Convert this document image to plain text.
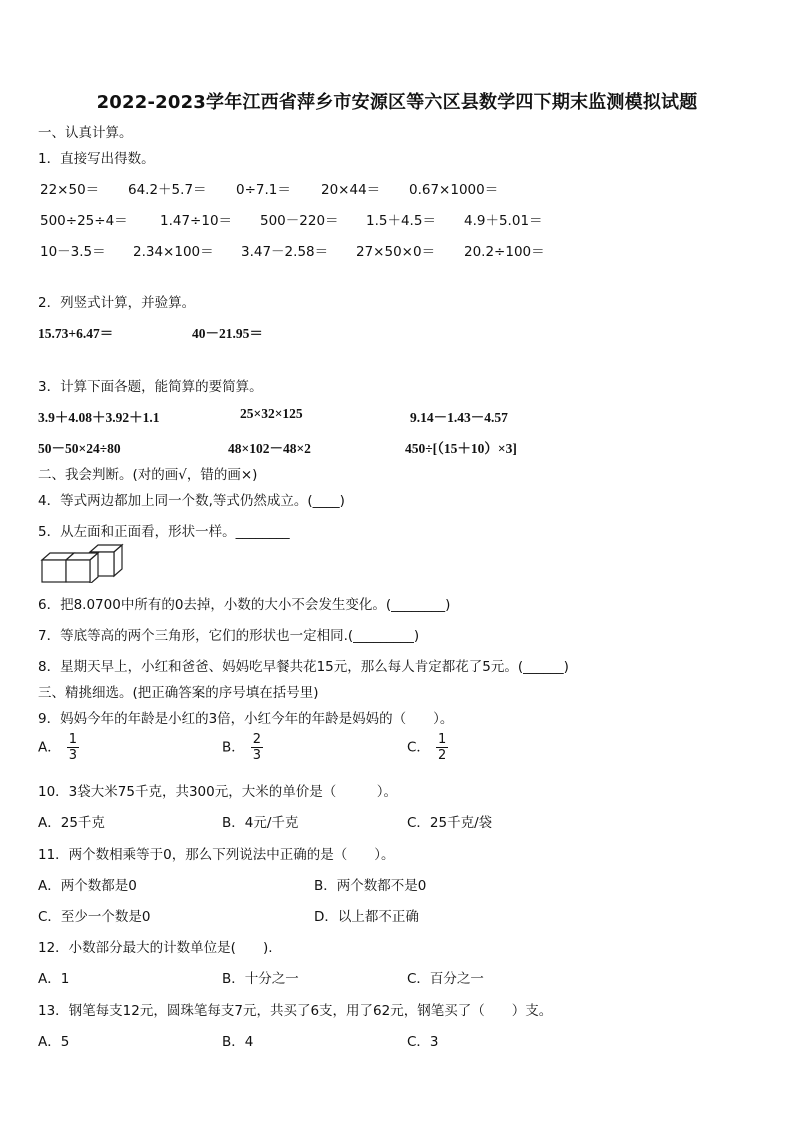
2022-2023学年江西省萍乡市安源区等六区县数学四下期末监测模拟试题
一、认真计算。
1．直接写出得数。
22×50＝ 64.2＋5.7＝ 0÷7.1＝ 20×44＝ 0.67×1000＝
500÷25÷4＝ 1.47÷10＝ 500－220＝ 1.5＋4.5＝ 4.9＋5.01＝
10－3.5＝ 2.34×100＝ 3.47－2.58＝ 27×50×0＝ 20.2÷100＝
2．列竖式计算，并验算。
15.73+6.47＝	40－21.95＝
3．计算下面各题，能简算的要简算。
3.9＋4.08＋3.92＋1.1	25×32×125	9.14－1.43－4.57
50－50×24÷80	48×102－48×2	450÷[（15＋10）×3]
二、我会判断。(对的画√，错的画×)
4．等式两边都加上同一个数,等式仍然成立。(____)
5．从左面和正面看，形状一样。________
6．把8.0700中所有的0去掉，小数的大小不会发生变化。(________)
7．等底等高的两个三角形，它们的形状也一定相同.(_________)
8．星期天早上，小红和爸爸、妈妈吃早餐共花15元，那么每人肯定都花了5元。(______)
三、精挑细选。(把正确答案的序号填在括号里)
9．妈妈今年的年龄是小红的3倍，小红今年的年龄是妈妈的（　　）。
A． $\frac{1}{3}$	B． $\frac{2}{3}$	C． $\frac{1}{2}$
10．3袋大米75千克，共300元，大米的单价是（　　　）。
A．25千克	B．4元/千克	C．25千克/袋
11．两个数相乘等于0，那么下列说法中正确的是（　　）。
A．两个数都是0	B．两个数都不是0
C．至少一个数是0	D．以上都不正确
12．小数部分最大的计数单位是(　　).
A．1	B．十分之一	C．百分之一
13．钢笔每支12元，圆珠笔每支7元，共买了6支，用了62元，钢笔买了（　　）支。
A．5	B．4	C．3
